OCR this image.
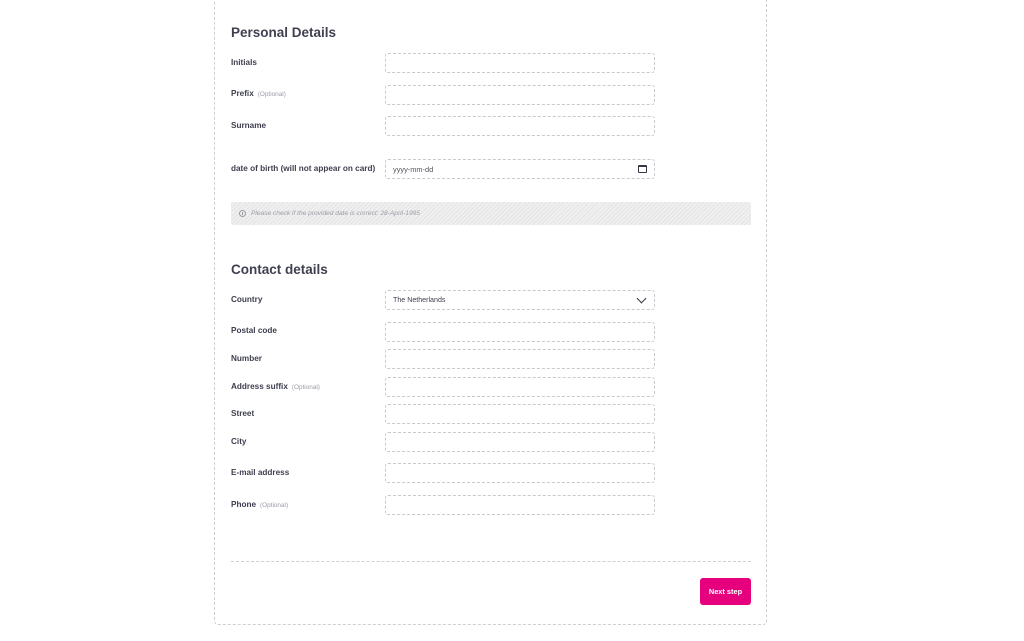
Personal Details
Initials
Prefix (Optional)
Surname
date of birth (will not appear on card) yyyy-mm-dd
Please check if the provided date is correct: 28-April-1995
Contact details
Country	The Netherlands
Postal code
Number
Address suffix (Optional)
Street
City
E-mail address
Phone (Optional)
Next step
